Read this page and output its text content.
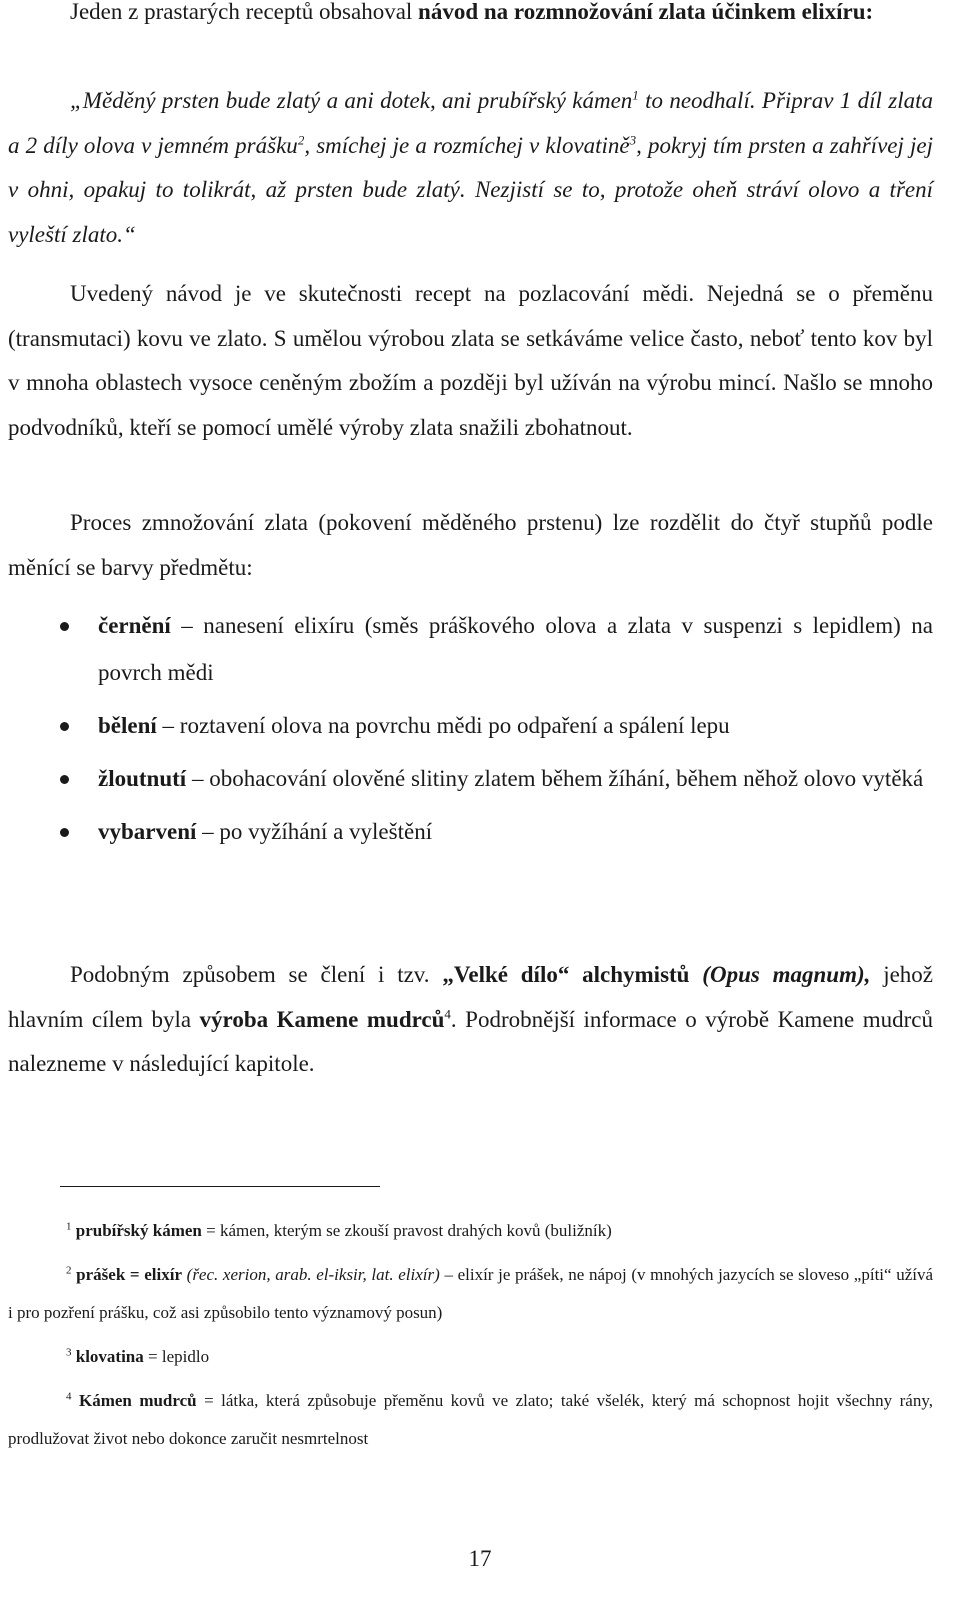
Jeden z prastarých receptů obsahoval návod na rozmnožování zlata účinkem elixíru:

„Měděný prsten bude zlatý a ani dotek, ani prubířský kámen$^1$ to neodhalí. Připrav 1 díl zlata a 2 díly olova v jemném prášku$^2$, smíchej je a rozmíchej v klovatině$^3$, pokryj tím prsten a zahřívej jej v ohni, opakuj to tolikrát, až prsten bude zlatý. Nezjistí se to, protože oheň stráví olovo a tření vyleští zlato.“

Uvedený návod je ve skutečnosti recept na pozlacování mědi. Nejedná se o přeměnu (transmutaci) kovu ve zlato. S umělou výrobou zlata se setkáváme velice často, neboť tento kov byl v mnoha oblastech vysoce ceněným zbožím a později byl užíván na výrobu mincí. Našlo se mnoho podvodníků, kteří se pomocí umělé výroby zlata snažili zbohatnout.

Proces zmnožování zlata (pokovení měděného prstenu) lze rozdělit do čtyř stupňů podle měnící se barvy předmětu:

černění – nanesení elixíru (směs práškového olova a zlata v suspenzi s lepidlem) na povrch mědi

bělení – roztavení olova na povrchu mědi po odpaření a spálení lepu

žloutnutí – obohacování olověné slitiny zlatem během žíhání, během něhož olovo vytěká

vybarvení – po vyžíhání a vyleštění

Podobným způsobem se člení i tzv. „Velké dílo“ alchymistů (Opus magnum), jehož hlavním cílem byla výroba Kamene mudrců$^4$. Podrobnější informace o výrobě Kamene mudrců nalezneme v následující kapitole.

$^1$ prubířský kámen = kámen, kterým se zkouší pravost drahých kovů (buližník)

$^2$ prášek = elixír (řec. xerion, arab. el-iksir, lat. elixír) – elixír je prášek, ne nápoj (v mnohých jazycích se sloveso „píti“ užívá i pro pozření prášku, což asi způsobilo tento významový posun)

$^3$ klovatina = lepidlo

$^4$ Kámen mudrců = látka, která způsobuje přeměnu kovů ve zlato; také všelék, který má schopnost hojit všechny rány, prodlužovat život nebo dokonce zaručit nesmrtelnost

17
